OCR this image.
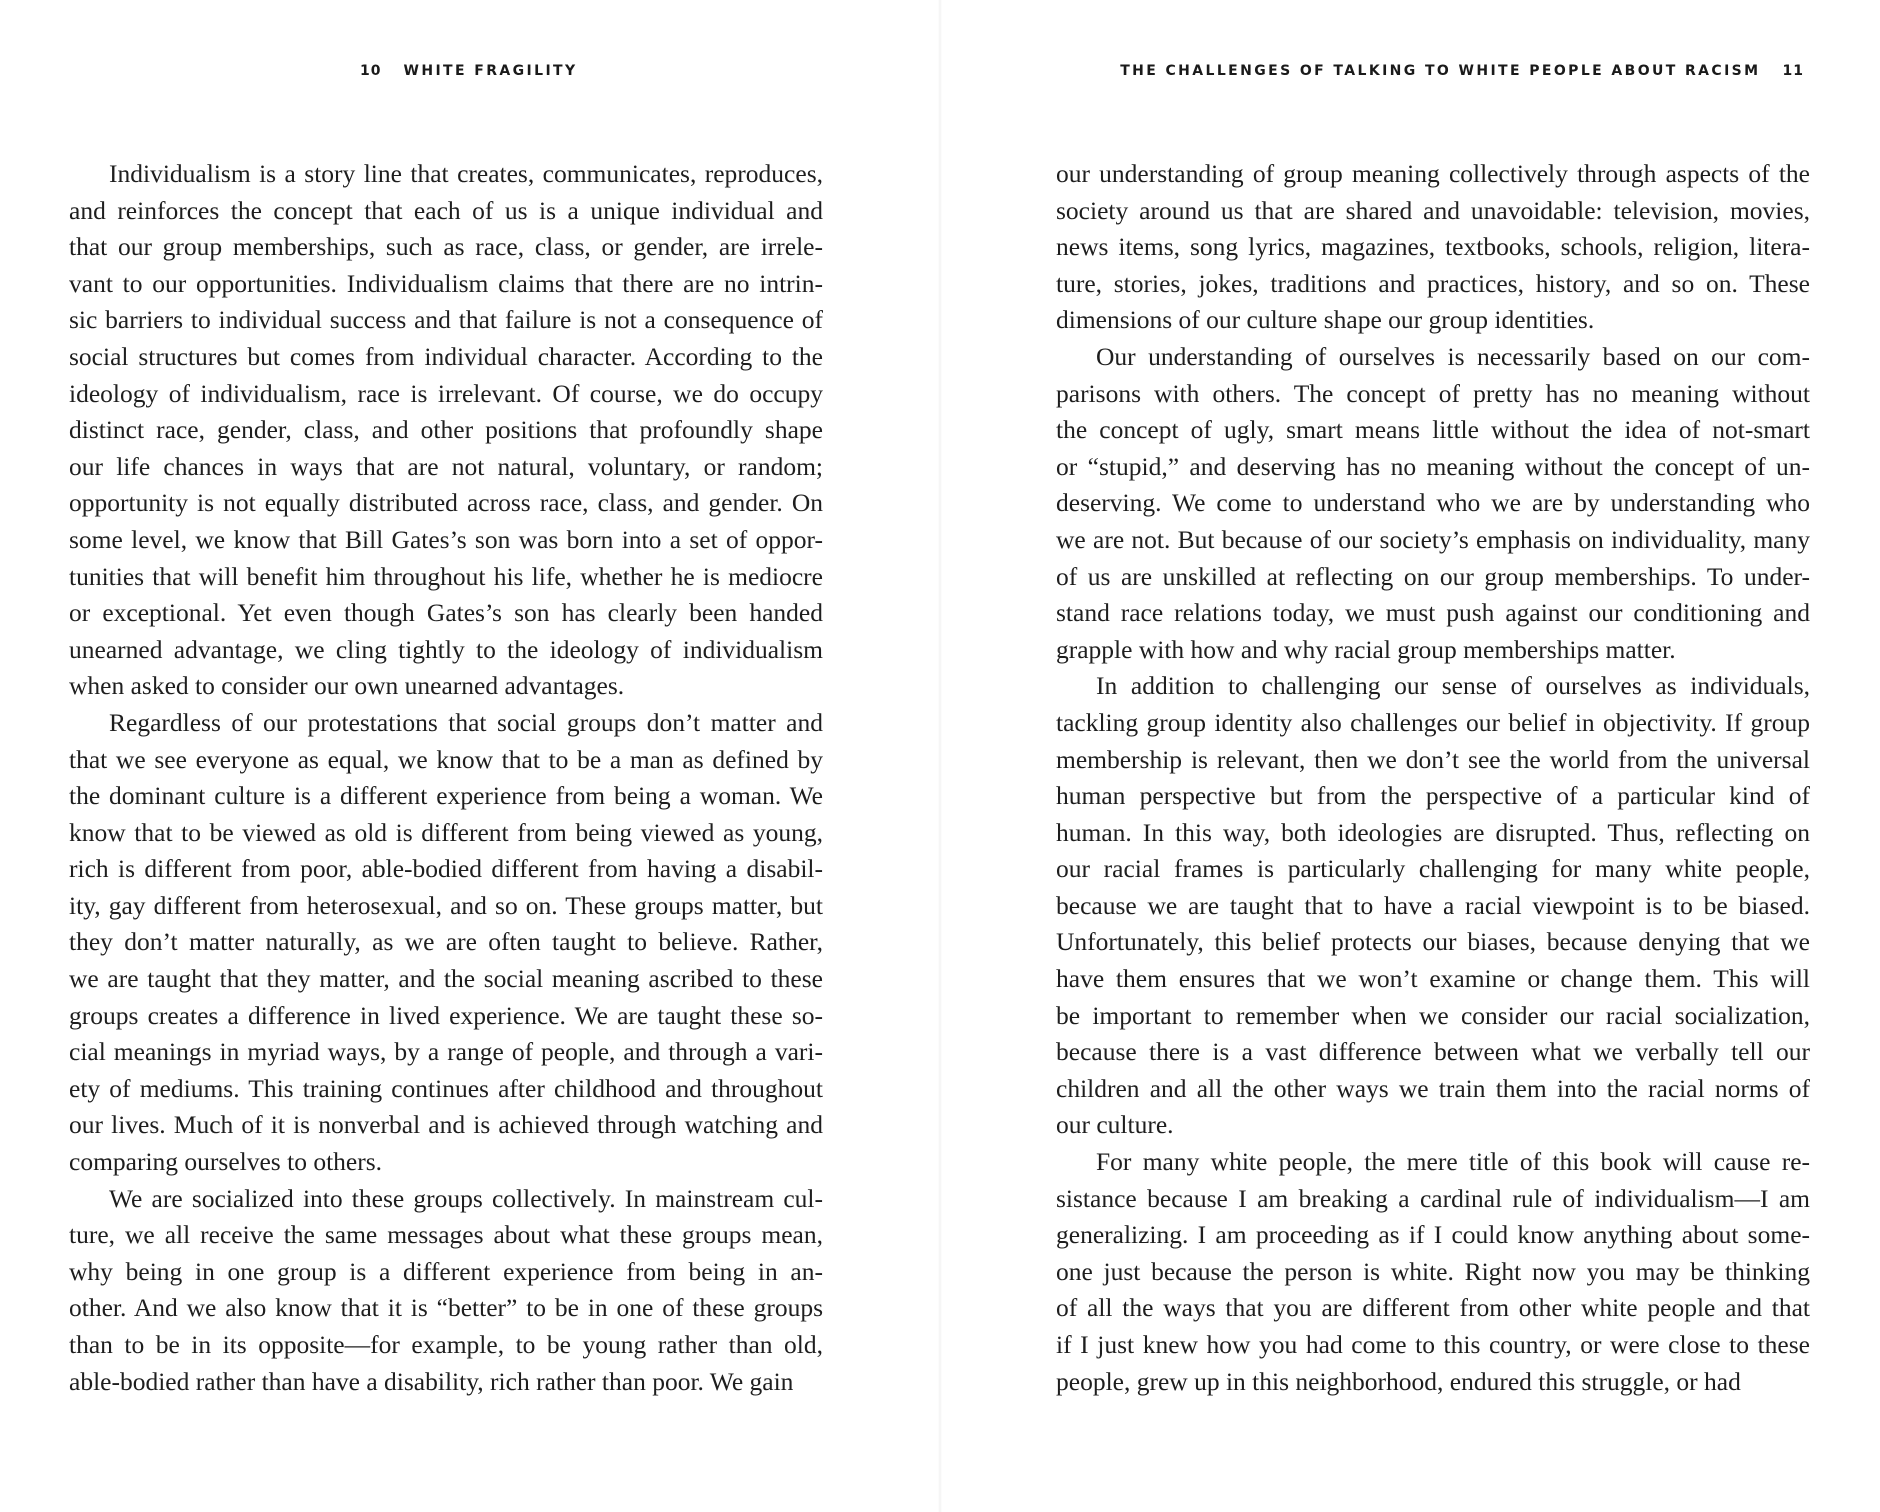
10 WHITE FRAGILITY
Individualism is a story line that creates, communicates, reproduces,
and reinforces the concept that each of us is a unique individual and
that our group memberships, such as race, class, or gender, are irrele-
vant to our opportunities. Individualism claims that there are no intrin-
sic barriers to individual success and that failure is not a consequence of
social structures but comes from individual character. According to the
ideology of individualism, race is irrelevant. Of course, we do occupy
distinct race, gender, class, and other positions that profoundly shape
our life chances in ways that are not natural, voluntary, or random;
opportunity is not equally distributed across race, class, and gender. On
some level, we know that Bill Gates’s son was born into a set of oppor-
tunities that will benefit him throughout his life, whether he is mediocre
or exceptional. Yet even though Gates’s son has clearly been handed
unearned advantage, we cling tightly to the ideology of individualism
when asked to consider our own unearned advantages.
Regardless of our protestations that social groups don’t matter and
that we see everyone as equal, we know that to be a man as defined by
the dominant culture is a different experience from being a woman. We
know that to be viewed as old is different from being viewed as young,
rich is different from poor, able-bodied different from having a disabil-
ity, gay different from heterosexual, and so on. These groups matter, but
they don’t matter naturally, as we are often taught to believe. Rather,
we are taught that they matter, and the social meaning ascribed to these
groups creates a difference in lived experience. We are taught these so-
cial meanings in myriad ways, by a range of people, and through a vari-
ety of mediums. This training continues after childhood and throughout
our lives. Much of it is nonverbal and is achieved through watching and
comparing ourselves to others.
We are socialized into these groups collectively. In mainstream cul-
ture, we all receive the same messages about what these groups mean,
why being in one group is a different experience from being in an-
other. And we also know that it is “better” to be in one of these groups
than to be in its opposite—for example, to be young rather than old,
able-bodied rather than have a disability, rich rather than poor. We gain
THE CHALLENGES OF TALKING TO WHITE PEOPLE ABOUT RACISM 11
our understanding of group meaning collectively through aspects of the
society around us that are shared and unavoidable: television, movies,
news items, song lyrics, magazines, textbooks, schools, religion, litera-
ture, stories, jokes, traditions and practices, history, and so on. These
dimensions of our culture shape our group identities.
Our understanding of ourselves is necessarily based on our com-
parisons with others. The concept of pretty has no meaning without
the concept of ugly, smart means little without the idea of not-smart
or “stupid,” and deserving has no meaning without the concept of un-
deserving. We come to understand who we are by understanding who
we are not. But because of our society’s emphasis on individuality, many
of us are unskilled at reflecting on our group memberships. To under-
stand race relations today, we must push against our conditioning and
grapple with how and why racial group memberships matter.
In addition to challenging our sense of ourselves as individuals,
tackling group identity also challenges our belief in objectivity. If group
membership is relevant, then we don’t see the world from the universal
human perspective but from the perspective of a particular kind of
human. In this way, both ideologies are disrupted. Thus, reflecting on
our racial frames is particularly challenging for many white people,
because we are taught that to have a racial viewpoint is to be biased.
Unfortunately, this belief protects our biases, because denying that we
have them ensures that we won’t examine or change them. This will
be important to remember when we consider our racial socialization,
because there is a vast difference between what we verbally tell our
children and all the other ways we train them into the racial norms of
our culture.
For many white people, the mere title of this book will cause re-
sistance because I am breaking a cardinal rule of individualism—I am
generalizing. I am proceeding as if I could know anything about some-
one just because the person is white. Right now you may be thinking
of all the ways that you are different from other white people and that
if I just knew how you had come to this country, or were close to these
people, grew up in this neighborhood, endured this struggle, or had
